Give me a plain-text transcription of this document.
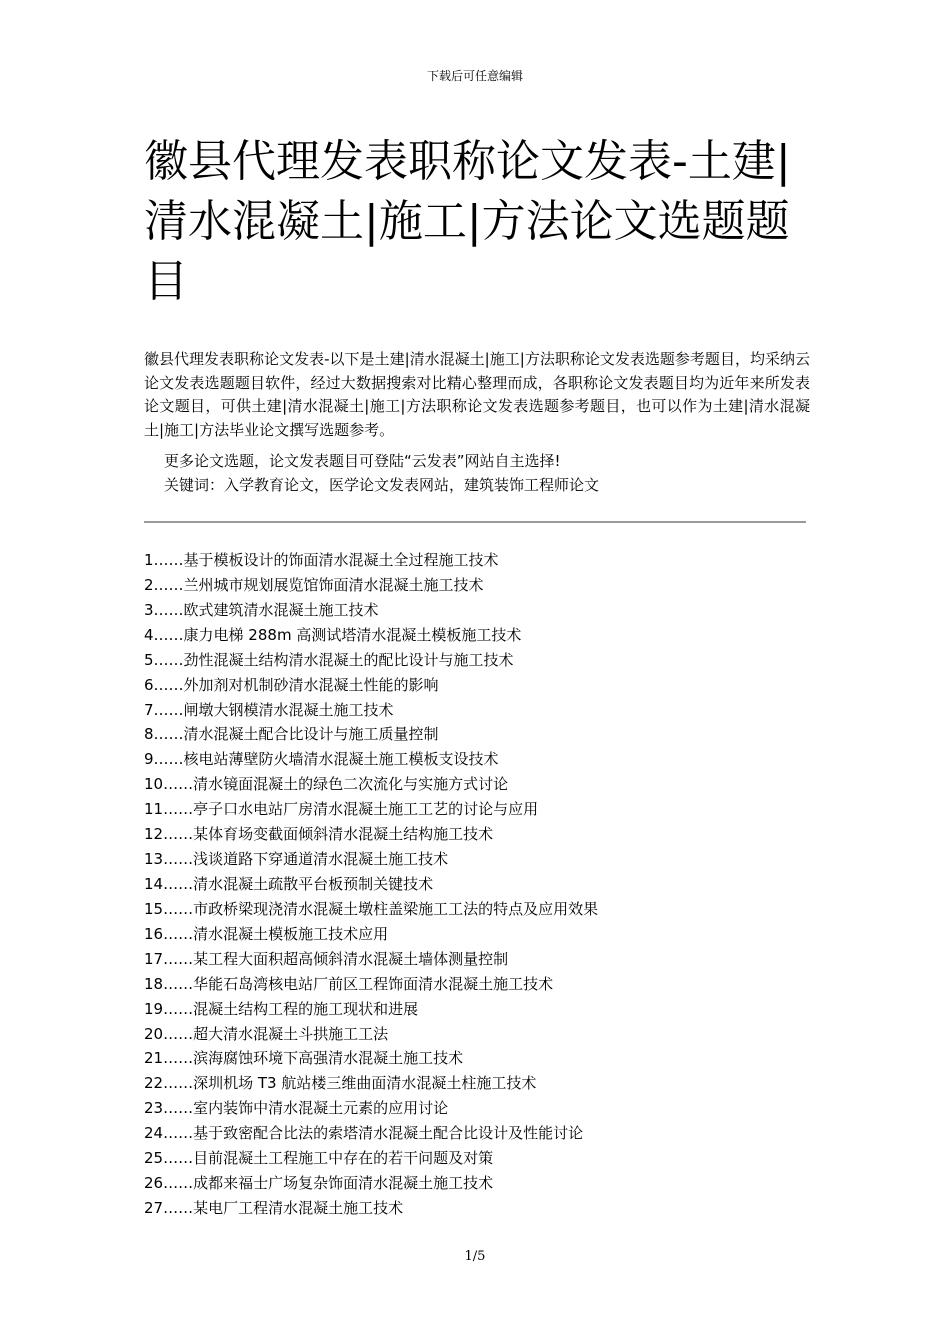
下载后可任意编辑
徽县代理发表职称论文发表-土建|清水混凝土|施工|方法论文选题题目

徽县代理发表职称论文发表-以下是土建|清水混凝土|施工|方法职称论文发表选题参考题目，均采纳云论文发表选题题目软件，经过大数据搜索对比精心整理而成，各职称论文发表题目均为近年来所发表论文题目，可供土建|清水混凝土|施工|方法职称论文发表选题参考题目，也可以作为土建|清水混凝土|施工|方法毕业论文撰写选题参考。

更多论文选题，论文发表题目可登陆“云发表”网站自主选择!

关键词：入学教育论文，医学论文发表网站，建筑装饰工程师论文

1……基于模板设计的饰面清水混凝土全过程施工技术
2……兰州城市规划展览馆饰面清水混凝土施工技术
3……欧式建筑清水混凝土施工技术
4……康力电梯 288m 高测试塔清水混凝土模板施工技术
5……劲性混凝土结构清水混凝土的配比设计与施工技术
6……外加剂对机制砂清水混凝土性能的影响
7……闸墩大钢模清水混凝土施工技术
8……清水混凝土配合比设计与施工质量控制
9……核电站薄壁防火墙清水混凝土施工模板支设技术
10……清水镜面混凝土的绿色二次流化与实施方式讨论
11……亭子口水电站厂房清水混凝土施工工艺的讨论与应用
12……某体育场变截面倾斜清水混凝土结构施工技术
13……浅谈道路下穿通道清水混凝土施工技术
14……清水混凝土疏散平台板预制关键技术
15……市政桥梁现浇清水混凝土墩柱盖梁施工工法的特点及应用效果
16……清水混凝土模板施工技术应用
17……某工程大面积超高倾斜清水混凝土墙体测量控制
18……华能石岛湾核电站厂前区工程饰面清水混凝土施工技术
19……混凝土结构工程的施工现状和进展
20……超大清水混凝土斗拱施工工法
21……滨海腐蚀环境下高强清水混凝土施工技术
22……深圳机场 T3 航站楼三维曲面清水混凝土柱施工技术
23……室内装饰中清水混凝土元素的应用讨论
24……基于致密配合比法的索塔清水混凝土配合比设计及性能讨论
25……目前混凝土工程施工中存在的若干问题及对策
26……成都来福士广场复杂饰面清水混凝土施工技术
27……某电厂工程清水混凝土施工技术
1/5
